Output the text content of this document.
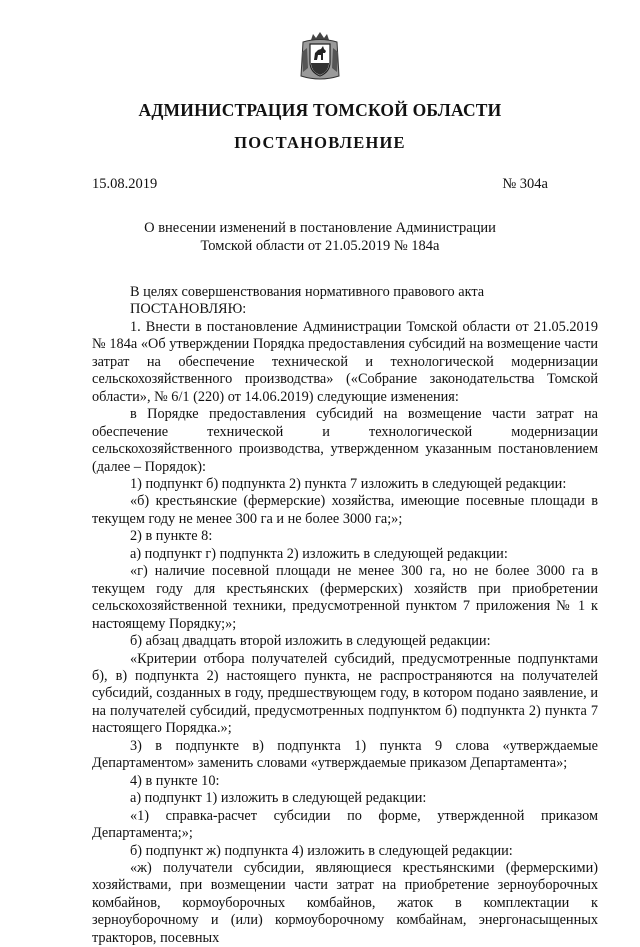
АДМИНИСТРАЦИЯ ТОМСКОЙ ОБЛАСТИ
ПОСТАНОВЛЕНИЕ
15.08.2019	№ 304а
О внесении изменений в постановление Администрации
Томской области от 21.05.2019 № 184а

В целях совершенствования нормативного правового акта

ПОСТАНОВЛЯЮ:

1. Внести в постановление Администрации Томской области от 21.05.2019 № 184а «Об утверждении Порядка предоставления субсидий на возмещение части затрат на обеспечение технической и технологической модернизации сельскохозяйственного производства» («Собрание законодательства Томской области», № 6/1 (220) от 14.06.2019) следующие изменения:

в Порядке предоставления субсидий на возмещение части затрат на обеспечение технической и технологической модернизации сельскохозяйственного производства, утвержденном указанным постановлением (далее – Порядок):

1) подпункт б) подпункта 2) пункта 7 изложить в следующей редакции:

«б) крестьянские (фермерские) хозяйства, имеющие посевные площади в текущем году не менее 300 га и не более 3000 га;»;

2) в пункте 8:

а) подпункт г) подпункта 2) изложить в следующей редакции:

«г) наличие посевной площади не менее 300 га, но не более 3000 га в текущем году для крестьянских (фермерских) хозяйств при приобретении сельскохозяйственной техники, предусмотренной пунктом 7 приложения № 1 к настоящему Порядку;»;

б) абзац двадцать второй изложить в следующей редакции:

«Критерии отбора получателей субсидий, предусмотренные подпунктами б), в) подпункта 2) настоящего пункта, не распространяются на получателей субсидий, созданных в году, предшествующем году, в котором подано заявление, и на получателей субсидий, предусмотренных подпунктом б) подпункта 2) пункта 7 настоящего Порядка.»;

3) в подпункте в) подпункта 1) пункта 9 слова «утверждаемые Департаментом» заменить словами «утверждаемые приказом Департамента»;

4) в пункте 10:

а) подпункт 1) изложить в следующей редакции:

«1) справка-расчет субсидии по форме, утвержденной приказом Департамента;»;

б) подпункт ж) подпункта 4) изложить в следующей редакции:

«ж) получатели субсидии, являющиеся крестьянскими (фермерскими) хозяйствами, при возмещении части затрат на приобретение зерноуборочных комбайнов, кормоуборочных комбайнов, жаток в комплектации к зерноуборочному и (или) кормоуборочному комбайнам, энергонасыщенных тракторов, посевных
